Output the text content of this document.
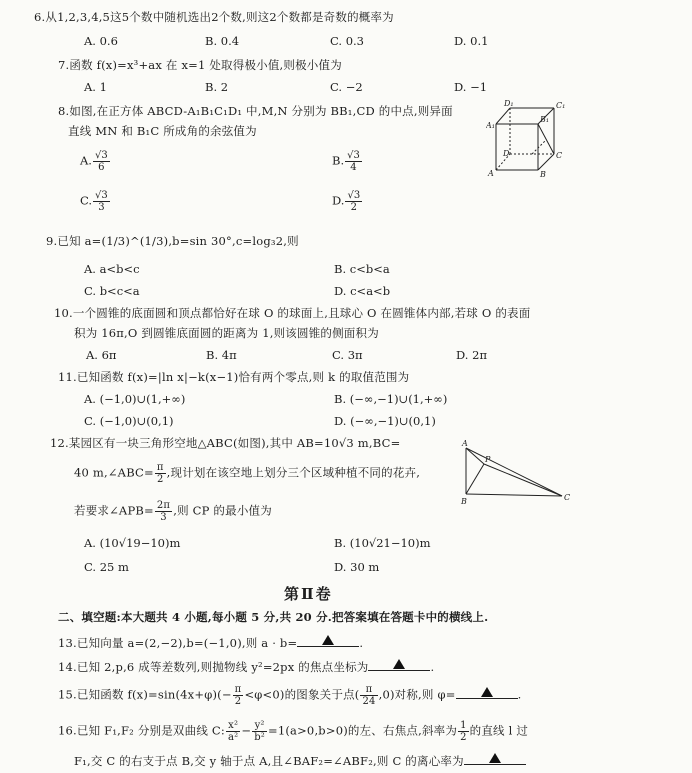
6.从1,2,3,4,5这5个数中随机选出2个数,则这2个数都是奇数的概率为
A. 0.6	B. 0.4	C. 0.3	D. 0.1
7.函数 f(x)=x³+ax 在 x=1 处取得极小值,则极小值为
A. 1	B. 2	C. −2	D. −1
8.如图,在正方体 ABCD-A₁B₁C₁D₁ 中,M,N 分别为 BB₁,CD 的中点,则异面
直线 MN 和 B₁C 所成角的余弦值为
A. $\frac{√3}{6}$	B. $\frac{√3}{4}$
C. $\frac{√3}{3}$	D. $\frac{√3}{2}$
D₁	C₁
A₁
B₁
D	C
A	B
9.已知 a=(1/3)^(1/3),b=sin 30°,c=log₃2,则
A. a<b<c	B. c<b<a
C. b<c<a	D. c<a<b
10.一个圆锥的底面圆和顶点都恰好在球 O 的球面上,且球心 O 在圆锥体内部,若球 O 的表面
积为 16π,O 到圆锥底面圆的距离为 1,则该圆锥的侧面积为
A. 6π	B. 4π	C. 3π	D. 2π
11.已知函数 f(x)=|ln x|−k(x−1)恰有两个零点,则 k 的取值范围为
A. (−1,0)∪(1,+∞)	B. (−∞,−1)∪(1,+∞)
C. (−1,0)∪(0,1)	D. (−∞,−1)∪(0,1)
12.某园区有一块三角形空地△ABC(如图),其中 AB=10√3 m,BC=
40 m,∠ABC= $\frac{\pi}{2}$ ,现计划在该空地上划分三个区域种植不同的花卉,
若要求∠APB= $\frac{2\pi}{3}$ ,则 CP 的最小值为
A. (10√19−10)m	B. (10√21−10)m
C. 25 m	D. 30 m
A
P
B	C
第Ⅱ卷
二、填空题:本大题共 4 小题,每小题 5 分,共 20 分.把答案填在答题卡中的横线上.
13.已知向量 a=(2,−2),b=(−1,0),则 a · b=	.
14.已知 2,p,6 成等差数列,则抛物线 y²=2px 的焦点坐标为	.
15.已知函数 $f(x)=\sin(4x+\varphi)(- \frac{\pi}{2} <\varphi<0)$的图象关于点( $\frac{\pi}{24} ,0$)对称,则 φ=	.
16.已知 F₁,F₂ 分别是双曲线 C: $\frac{\text{x²}}{\text{a²}} - \frac{\text{y²}}{\text{b²}} =1(a>0,b>0)$的左、右焦点,斜率为 $\frac{1}{2}$ 的直线 l 过
F₁,交 C 的右支于点 B,交 y 轴于点 A,且∠BAF₂=∠ABF₂,则 C 的离心率为
